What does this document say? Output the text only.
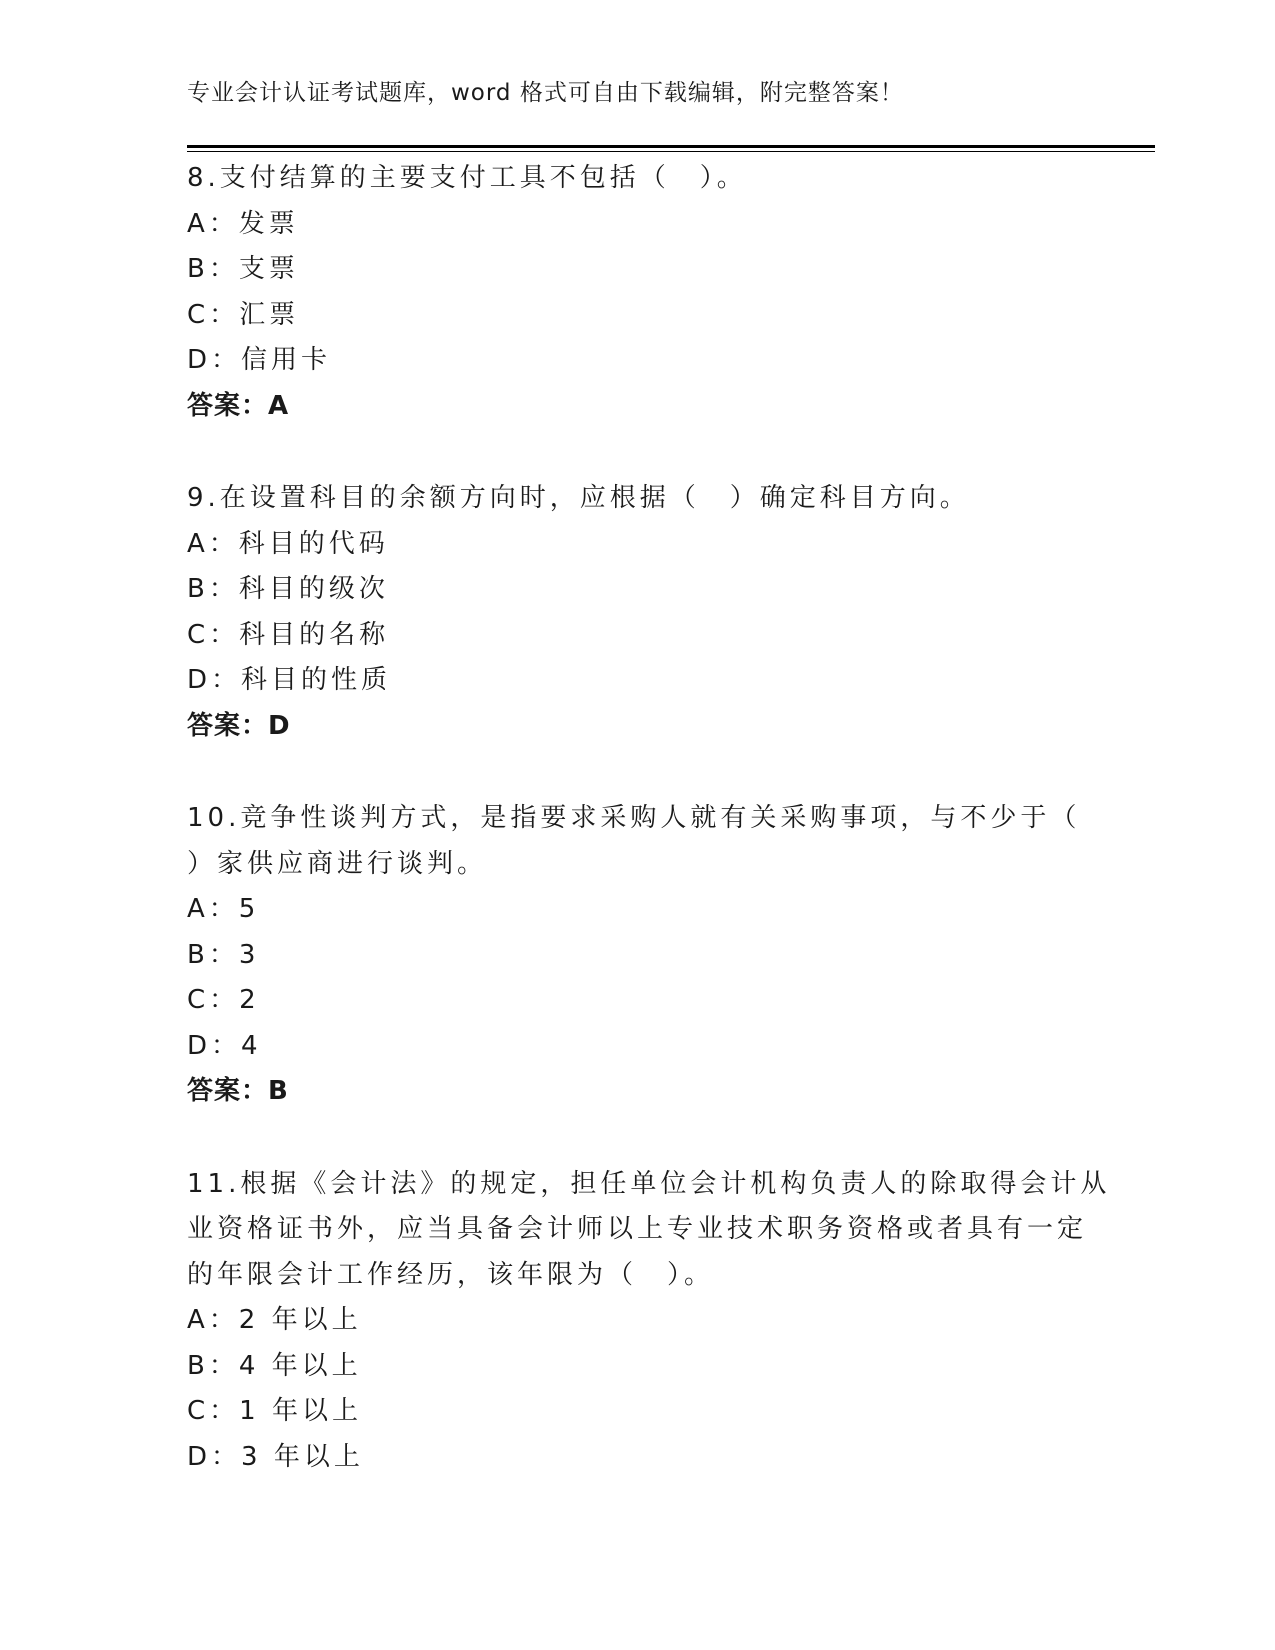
专业会计认证考试题库，word 格式可自由下载编辑，附完整答案！
8.支付结算的主要支付工具不包括（　）。
A：发票
B：支票
C：汇票
D：信用卡
答案：A
9.在设置科目的余额方向时，应根据（　）确定科目方向。
A：科目的代码
B：科目的级次
C：科目的名称
D：科目的性质
答案：D
10.竞争性谈判方式，是指要求采购人就有关采购事项，与不少于（
）家供应商进行谈判。
A：5
B：3
C：2
D：4
答案：B
11.根据《会计法》的规定，担任单位会计机构负责人的除取得会计从
业资格证书外，应当具备会计师以上专业技术职务资格或者具有一定
的年限会计工作经历，该年限为（　）。
A：2 年以上
B：4 年以上
C：1 年以上
D：3 年以上
